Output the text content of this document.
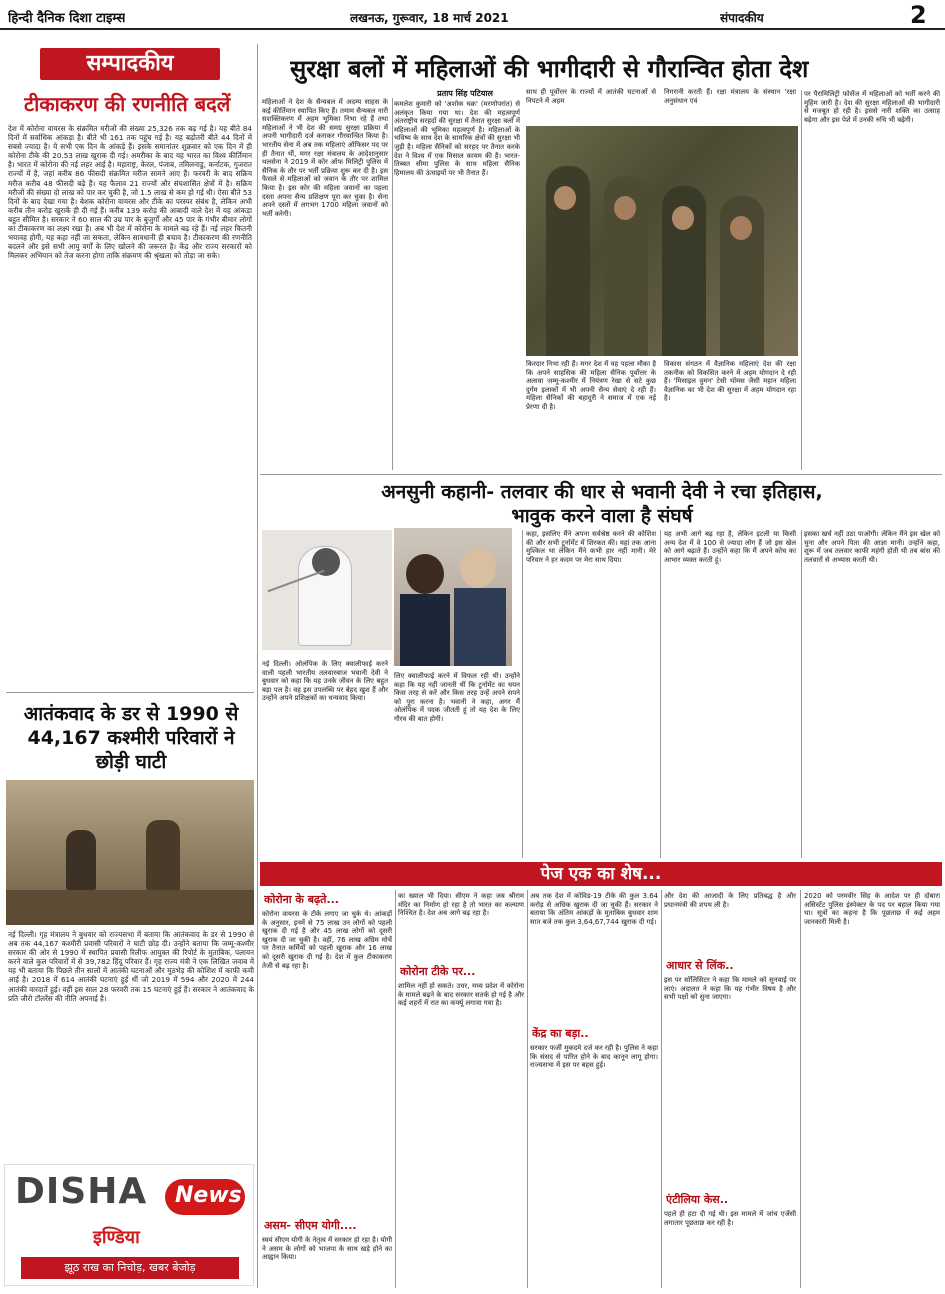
हिन्दी दैनिक दिशा टाइम्स	लखनऊ, गुरूवार, 18 मार्च 2021	संपादकीय	2
सम्पादकीय
टीकाकरण की रणनीति बदलें
देश में कोरोना वायरस के संक्रमित मरीजों की संख्या 25,326 तक बढ़ गई है। यह बीते 84 दिनों में सर्वाधिक आंकड़ा है। बीते भी 161 तक पहुंच गई है। यह बढ़ोतरी बीते 44 दिनों में सबसे ज्यादा है। ये सभी एक दिन के आंकड़े हैं। इसके समानांतर शुक्रवार को एक दिन में ही कोरोना टीके की 20.53 लाख खुराक दी गई। अमरीका के बाद यह भारत का विश्व कीर्तिमान है। भारत में कोरोना की नई लहर आई है। महाराष्ट्र, केरल, पंजाब, तमिलनाडु, कर्नाटक, गुजरात राज्यों में है, जहां करीब 86 फीसदी संक्रमित मरीज सामने आए हैं। फरवरी के बाद सक्रिय मरीज करीब 48 फीसदी बढ़े हैं। यह फैलाव 21 राज्यों और संघशासित क्षेत्रों में है। सक्रिय मरीजों की संख्या दो लाख को पार कर चुकी है, जो 1.5 लाख से कम हो गई थी। ऐसा बीते 53 दिनों के बाद देखा गया है। बेशक कोरोना वायरस और टीके का परस्पर संबंध है, लेकिन अभी करीब तीन करोड़ खुराकें ही दी गई हैं। करीब 139 करोड़ की आबादी वाले देश में यह आंकड़ा बहुत सीमित है। सरकार ने 60 साल की उम्र पार के बुजुर्गों और 45 पार के गंभीर बीमार लोगों का टीकाकरण का लक्ष्य रखा है। अब भी देश में कोरोना के मामले बढ़ रहे हैं। नई लहर कितनी भयावह होगी, यह कहा नहीं जा सकता, लेकिन सावधानी ही बचाव है। टीकाकरण की रणनीति बदलने और इसे सभी आयु वर्गों के लिए खोलने की जरूरत है। केंद्र और राज्य सरकारों को मिलकर अभियान को तेज करना होगा ताकि संक्रमण की श्रृंखला को तोड़ा जा सके।
आतंकवाद के डर से 1990 से 44,167 कश्मीरी परिवारों ने छोड़ी घाटी
नई दिल्ली। गृह मंत्रालय ने बुधवार को राज्यसभा में बताया कि आतंकवाद के डर से 1990 से अब तक 44,167 कश्मीरी प्रवासी परिवारों ने घाटी छोड़ दी। उन्होंने बताया कि जम्मू-कश्मीर सरकार की ओर से 1990 में स्थापित प्रवासी रिलीफ आयुक्त की रिपोर्ट के मुताबिक, पलायन करने वाले कुल परिवारों में से 39,782 हिंदू परिवार हैं। गृह राज्य मंत्री ने एक लिखित जवाब में यह भी बताया कि पिछले तीन सालों में आतंकी घटनाओं और मुठभेड़ की कोशिश में काफी कमी आई है। 2018 में 614 आतंकी घटनाएं हुई थीं जो 2019 में 594 और 2020 में 244 आतंकी वारदातें हुई। वहीं इस साल 28 फरवरी तक 15 घटनाएं हुई हैं। सरकार ने आतंकवाद के प्रति जीरो टॉलरेंस की नीति अपनाई है।
DISHA News
इण्डिया
झूठ राख का निचोड़, खबर बेजोड़
सुरक्षा बलों में महिलाओं की भागीदारी से गौरान्वित होता देश
प्रताप सिंह पटियाल
महिलाओं ने देश के सैन्यबल में अदम्य साहस के कई कीर्तिमान स्थापित किए हैं। तमाम सैन्यबल नारी सशक्तिकरण में अहम भूमिका निभा रहे हैं तथा महिलाओं ने भी देश की समग्र सुरक्षा प्रक्रिया में अपनी भागीदारी दर्ज कराकर गौरवान्वित किया है। भारतीय सेना में अब तक महिलाएं ऑफिसर पद पर ही तैनात थीं, मगर रक्षा मंत्रालय के आदेशानुसार थलसेना ने 2019 में कोर ऑफ मिलिट्री पुलिस में सैनिक के तौर पर भर्ती प्रक्रिया शुरू कर दी है। इस फैसले से महिलाओं को जवान के तौर पर शामिल किया है। इस कोर की महिला जवानों का पहला दस्ता अपना सैन्य प्रशिक्षण पूरा कर चुका है। सेना अपने दस्तों में लगभग 1700 महिला जवानों को भर्ती करेगी।
कमलेश कुमारी को 'अशोक चक्र' (मरणोपरांत) से अलंकृत किया गया था। देश की महत्वपूर्ण अंतराष्ट्रीय सरहदों की सुरक्षा में तैनात सुरक्षा बलों में महिलाओं की भूमिका महत्वपूर्ण है। महिलाओं के भविष्य के साथ देश के सामरिक क्षेत्रों की सुरक्षा भी जुड़ी है। महिला सैनिकों को सरहद पर तैनात करके देश ने विश्व में एक मिसाल कायम की है। भारत-तिब्बत सीमा पुलिस के साथ महिला सैनिक हिमालय की ऊंचाइयों पर भी तैनात हैं।
साथ ही पूर्वोत्तर के राज्यों में आतंकी घटनाओं से निपटने में अहम
निगरानी करती हैं। रक्षा मंत्रालय के संस्थान 'रक्षा अनुसंधान एवं
किरदार निभा रही हैं। मगर देश में यह पहला मौका है कि अपने साहसिक की महिला सैनिक पूर्वोत्तर के अलावा जम्मू-कश्मीर में नियंत्रण रेखा से सटे कुछ दुर्गम इलाकों में भी अपनी सैन्य सेवाएं दे रही हैं। महिला सैनिकों की बहादुरी ने समाज में एक नई प्रेरणा दी है।
विकास संगठन में वैज्ञानिक महिलाएं देश की रक्षा तकनीक को विकसित करने में अहम योगदान दे रही हैं। 'मिसाइल वुमन' टेसी थॉमस जैसी महान महिला वैज्ञानिक का भी देश की सुरक्षा में अहम योगदान रहा है।
पर पैरामिलिट्री फोर्सेज में महिलाओं को भर्ती करने की मुहिम जारी है। देश की सुरक्षा महिलाओं की भागीदारी से मजबूत हो रही है। इससे नारी शक्ति का उत्साह बढ़ेगा और इस पेशे में उनकी रुचि भी बढ़ेगी।
अनसुनी कहानी- तलवार की धार से भवानी देवी ने रचा इतिहास,
भावुक करने वाला है संघर्ष
नई दिल्ली। ओलंपिक के लिए क्वालीफाई करने वाली पहली भारतीय तलवारबाज भवानी देवी ने बुधवार को कहा कि यह उनके जीवन के लिए बहुत बड़ा पल है। वह इस उपलब्धि पर बेहद खुश हैं और उन्होंने अपने प्रशिक्षकों का धन्यवाद किया।
लिए क्वालीफाई करने में विफल रही थी। उन्होंने कहा कि यह नहीं जानती थीं कि टूर्नामेंट का चयन किस तरह से करें और किस तरह उन्हें अपने सपने को पूरा करना है। भवानी ने कहा, अगर मैं ओलंपिक में पदक जीतती हूं तो यह देश के लिए गौरव की बात होगी।
कहा, इसलिए मैंने अपना सर्वश्रेष्ठ करने की कोशिश की और सभी टूर्नामेंट में शिरकत की। यहां तक आना मुश्किल था लेकिन मैंने कभी हार नहीं मानी। मेरे परिवार ने हर कदम पर मेरा साथ दिया।
यह अभी आगे बढ़ रहा है, लेकिन इटली या किसी अन्य देश में वे 100 से ज्यादा लोग हैं जो इस खेल को आगे बढ़ाते हैं। उन्होंने कहा कि मैं अपने कोच का आभार व्यक्त करती हूं।
इसका खर्च नहीं उठा पाओगी। लेकिन मैंने इस खेल को चुना और अपने पिता की आज्ञा मानी। उन्होंने कहा, शुरू में जब तलवार काफी महंगी होती थी तब बांस की तलवारों से अभ्यास करती थी।
पेज एक का शेष...
कोरोना के बढ़ते...
कोरोना वायरस के टीके लगाए जा चुके थे। आंकड़ों के अनुसार, इनमें से 75 लाख उन लोगों को पहली खुराक दी गई है और 45 लाख लोगों को दूसरी खुराक दी जा चुकी है। वहीं, 76 लाख अग्रिम मोर्चे पर तैनात कर्मियों को पहली खुराक और 16 लाख को दूसरी खुराक दी गई है। देश में कुल टीकाकरण तेजी से बढ़ रहा है।
असम- सीएम योगी....
स्वयं सीएम योगी के नेतृत्व में सरकार हो रहा है। योगी ने असम के लोगों को भाजपा के साथ खड़े होने का आह्वान किया।
का ख्याल भी दिया। सीएम ने कहा जब श्रीराम मंदिर का निर्माण हो रहा है तो भारत का कल्याण निश्चित है। देश अब आगे बढ़ रहा है।
कोरोना टीके पर...
शामिल नहीं हो सकते। उधर, मध्य प्रदेश में कोरोना के मामले बढ़ने के बाद सरकार सतर्क हो गई है और कई शहरों में रात का कर्फ्यू लगाया गया है।
अब तक देश में कोविड-19 टीके की कुल 3.64 करोड़ से अधिक खुराक दी जा चुकी हैं। सरकार ने बताया कि अंतिम आंकड़ों के मुताबिक बुधवार शाम सात बजे तक कुल 3,64,67,744 खुराक दी गई।
केंद्र का बड़ा..
सरकार फर्जी मुकदमे दर्ज कर रही है। पुलिस ने कहा कि संसद से पारित होने के बाद कानून लागू होगा। राज्यसभा में इस पर बहस हुई।
और देश की आजादी के लिए प्रतिबद्ध है और प्रधानमंत्री की शपथ ली है।
आधार से लिंक..
इस पर सॉलिसिटर ने कहा कि मामले को सुनवाई पर लाएं। अदालत ने कहा कि यह गंभीर विषय है और सभी पक्षों को सुना जाएगा।
एंटीलिया केस..
पहले ही हटा दी गई थी। इस मामले में जांच एजेंसी लगातार पूछताछ कर रही है।
2020 को परमवीर सिंह के आदेश पर ही दोबारा असिस्टेंट पुलिस इंस्पेक्टर के पद पर बहाल किया गया था। सूत्रों का कहना है कि पूछताछ में कई अहम जानकारी मिली है।
